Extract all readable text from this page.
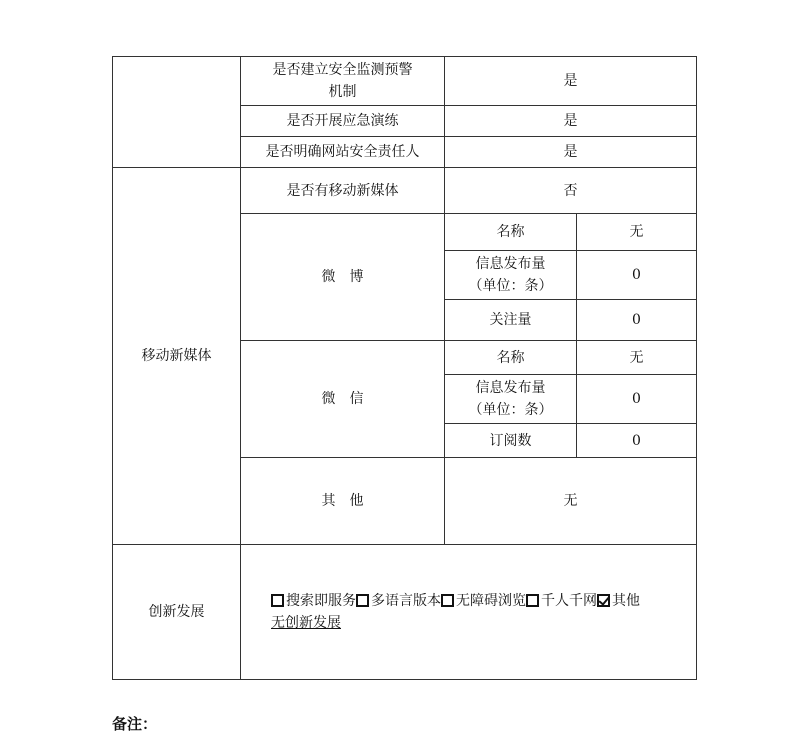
	是否建立安全监测预警机制	是	
	是否开展应急演练	是	
	是否明确网站安全责任人	是	
移动新媒体	是否有移动新媒体	否	
	微　博	名称	无
		信息发布量（单位：条）	0
		关注量	0
	微　信	名称	无
		信息发布量（单位：条）	0
		订阅数	0
	其　他	无	
创新发展	搜索即服务 多语言版本 无障碍浏览 千人千网 其他
无创新发展		
备注：
